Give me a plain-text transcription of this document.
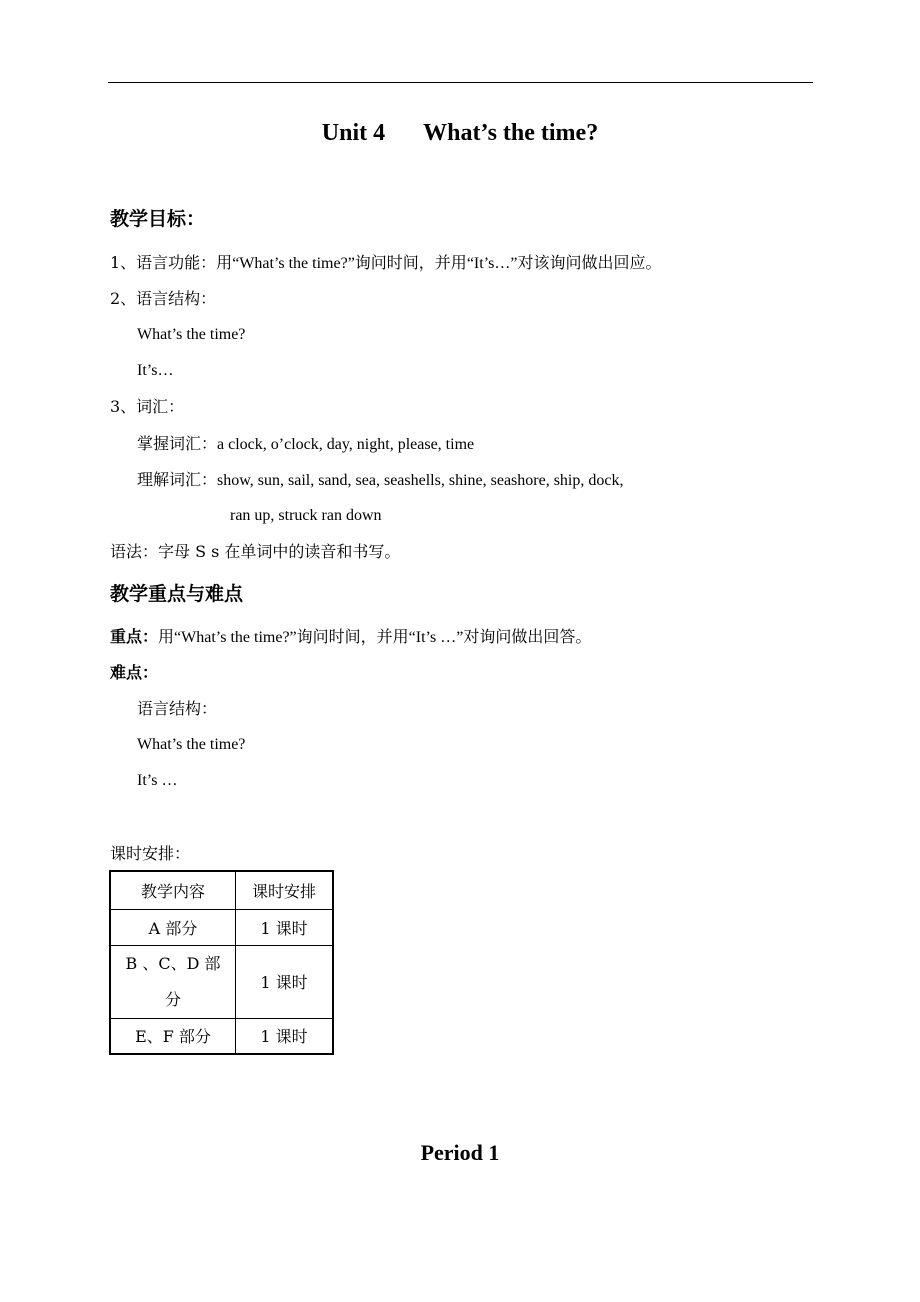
Unit 4 What’s the time?
教学目标：
1、语言功能：用“What’s the time?”询问时间，并用“It’s…”对该询问做出回应。
2、语言结构：
What’s the time?
It’s…
3、词汇：
掌握词汇：a clock, o’clock, day, night, please, time
理解词汇：show, sun, sail, sand, sea, seashells, shine, seashore, ship, dock,
ran up, struck ran down
语法：字母 S s 在单词中的读音和书写。
教学重点与难点
重点：用“What’s the time?”询问时间，并用“It’s …”对询问做出回答。
难点：
语言结构：
What’s the time?
It’s …
课时安排：
教学内容	课时安排
A 部分	1 课时

B 、C、D 部
分	1 课时
E、F 部分	1 课时
Period 1
